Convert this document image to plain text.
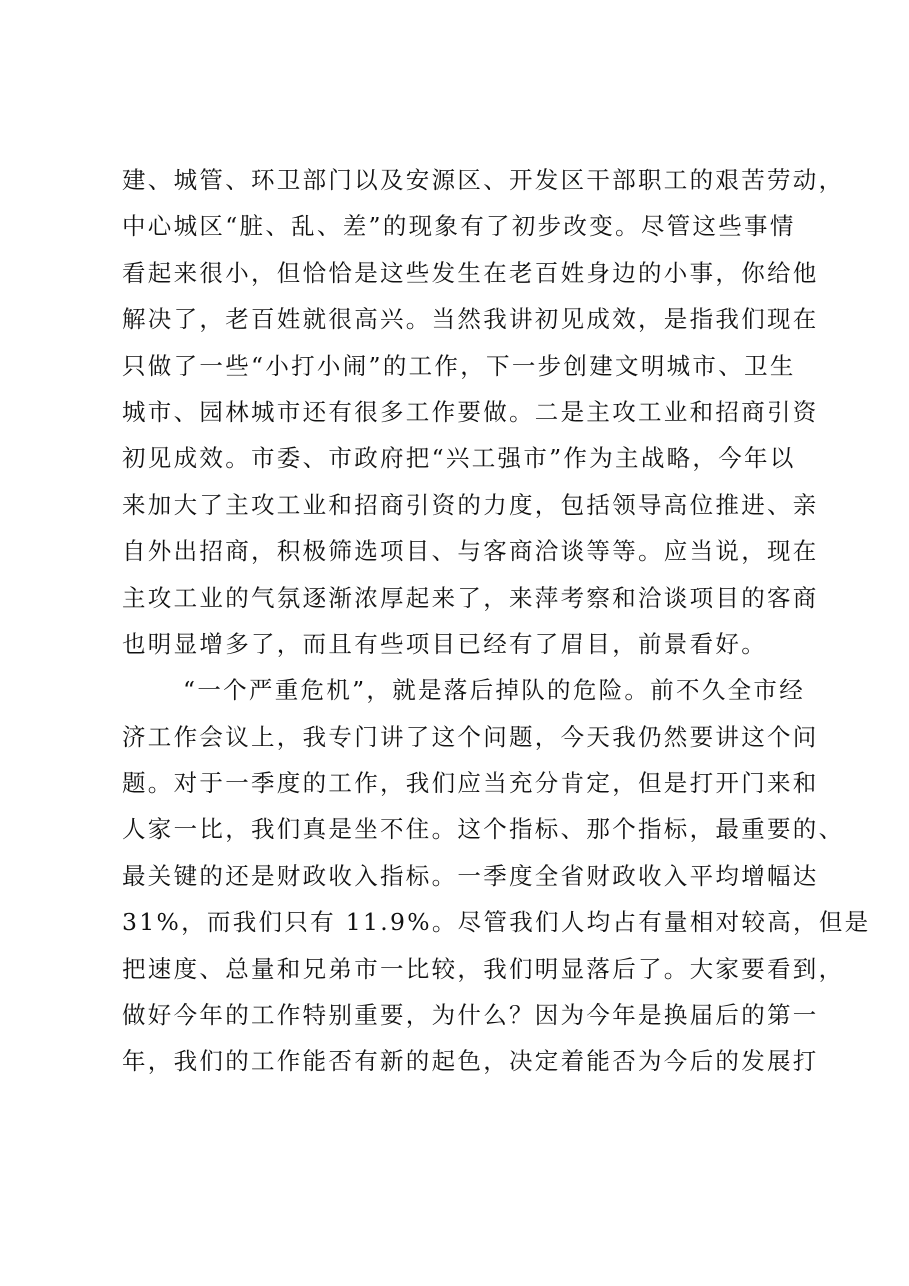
建、城管、环卫部门以及安源区、开发区干部职工的艰苦劳动，
中心城区“脏、乱、差”的现象有了初步改变。尽管这些事情
看起来很小，但恰恰是这些发生在老百姓身边的小事，你给他
解决了，老百姓就很高兴。当然我讲初见成效，是指我们现在
只做了一些“小打小闹”的工作，下一步创建文明城市、卫生
城市、园林城市还有很多工作要做。二是主攻工业和招商引资
初见成效。市委、市政府把“兴工强市”作为主战略，今年以
来加大了主攻工业和招商引资的力度，包括领导高位推进、亲
自外出招商，积极筛选项目、与客商洽谈等等。应当说，现在
主攻工业的气氛逐渐浓厚起来了，来萍考察和洽谈项目的客商
也明显增多了，而且有些项目已经有了眉目，前景看好。
“一个严重危机”，就是落后掉队的危险。前不久全市经
济工作会议上，我专门讲了这个问题，今天我仍然要讲这个问
题。对于一季度的工作，我们应当充分肯定，但是打开门来和
人家一比，我们真是坐不住。这个指标、那个指标，最重要的、
最关键的还是财政收入指标。一季度全省财政收入平均增幅达
31%，而我们只有 11.9%。尽管我们人均占有量相对较高，但是
把速度、总量和兄弟市一比较，我们明显落后了。大家要看到，
做好今年的工作特别重要，为什么？因为今年是换届后的第一
年，我们的工作能否有新的起色，决定着能否为今后的发展打
